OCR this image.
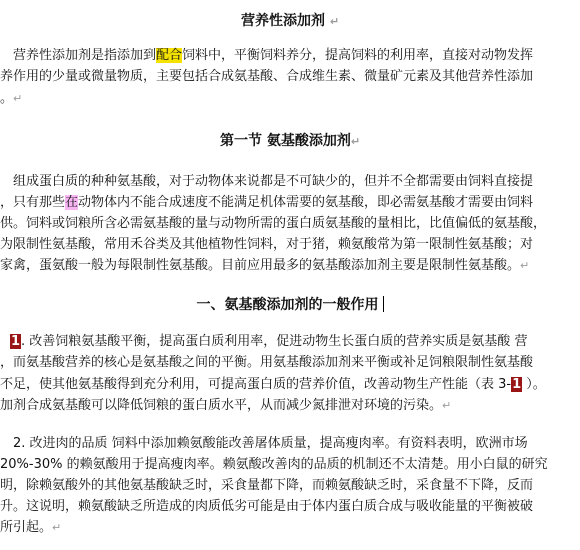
营养性添加剂 ↵
营养性添加剂是指添加到配合饲料中，平衡饲料养分，提高饲料的利用率，直接对动物发挥
养作用的少量或微量物质，主要包括合成氨基酸、合成维生素、微量矿元素及其他营养性添加
。↵
第一节 氨基酸添加剂↵
组成蛋白质的种种氨基酸，对于动物体来说都是不可缺少的，但并不全都需要由饲料直接提
，只有那些在动物体内不能合成速度不能满足机体需要的氨基酸，即必需氨基酸才需要由饲料
供。饲料或饲粮所含必需氨基酸的量与动物所需的蛋白质氨基酸的量相比，比值偏低的氨基酸，
为限制性氨基酸，常用禾谷类及其他植物性饲料，对于猪，赖氨酸常为第一限制性氨基酸；对
家禽，蛋氨酸一般为每限制性氨基酸。目前应用最多的氨基酸添加剂主要是限制性氨基酸。↵
一、氨基酸添加剂的一般作用
1. 改善饲粮氨基酸平衡，提高蛋白质利用率，促进动物生长蛋白质的营养实质是氨基酸 营
，而氨基酸营养的核心是氨基酸之间的平衡。用氨基酸添加剂来平衡或补足饲粮限制性氨基酸
不足，使其他氨基酸得到充分利用，可提高蛋白质的营养价值，改善动物生产性能（表 3-1 ）。
加剂合成氨基酸可以降低饲粮的蛋白质水平，从而减少氮排泄对环境的污染。↵
2. 改进肉的品质 饲料中添加赖氨酸能改善屠体质量，提高瘦肉率。有资料表明，欧洲市场
20%-30% 的赖氨酸用于提高瘦肉率。赖氨酸改善肉的品质的机制还不太清楚。用小白鼠的研究
明，除赖氨酸外的其他氨基酸缺乏时，采食量都下降，而赖氨酸缺乏时，采食量不下降，反而
升。这说明，赖氨酸缺乏所造成的肉质低劣可能是由于体内蛋白质合成与吸收能量的平衡被破
所引起。↵
